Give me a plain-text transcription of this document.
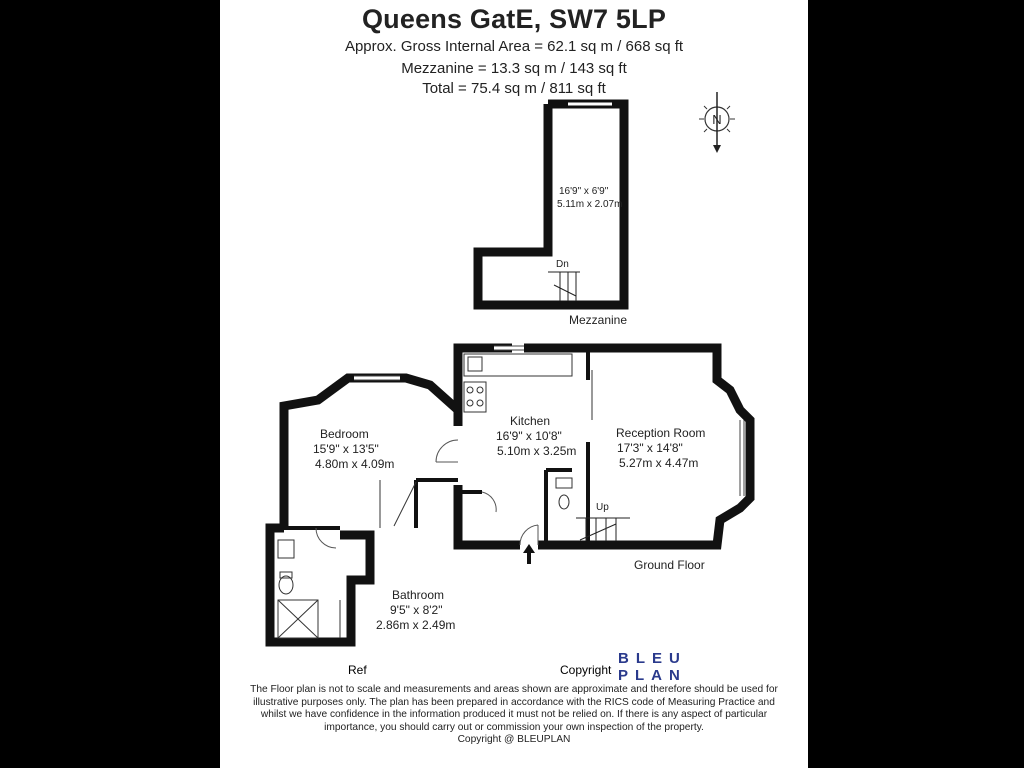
Queens GatE, SW7 5LP
Approx. Gross Internal Area = 62.1 sq m / 668 sq ft
Mezzanine = 13.3 sq m / 143 sq ft
Total = 75.4 sq m / 811 sq ft
N
16'9" x 6'9"
5.11m x 2.07m
Dn
Mezzanine
Bedroom
15'9" x 13'5"
4.80m x 4.09m
Kitchen
16'9" x 10'8"
5.10m x 3.25m
Reception Room
17'3" x 14'8"
5.27m x 4.47m
Up
Ground Floor
Bathroom
9'5" x 8'2"
2.86m x 2.49m
Ref	Copyright
BLEU
PLAN
The Floor plan is not to scale and measurements and areas shown are approximate and therefore should be used for illustrative purposes only. The plan has been prepared in accordance with the RICS code of Measuring Practice and whilst we have confidence in the information produced it must not be relied on. If there is any aspect of particular importance, you should carry out or commission your own inspection of the property.
Copyright @ BLEUPLAN
